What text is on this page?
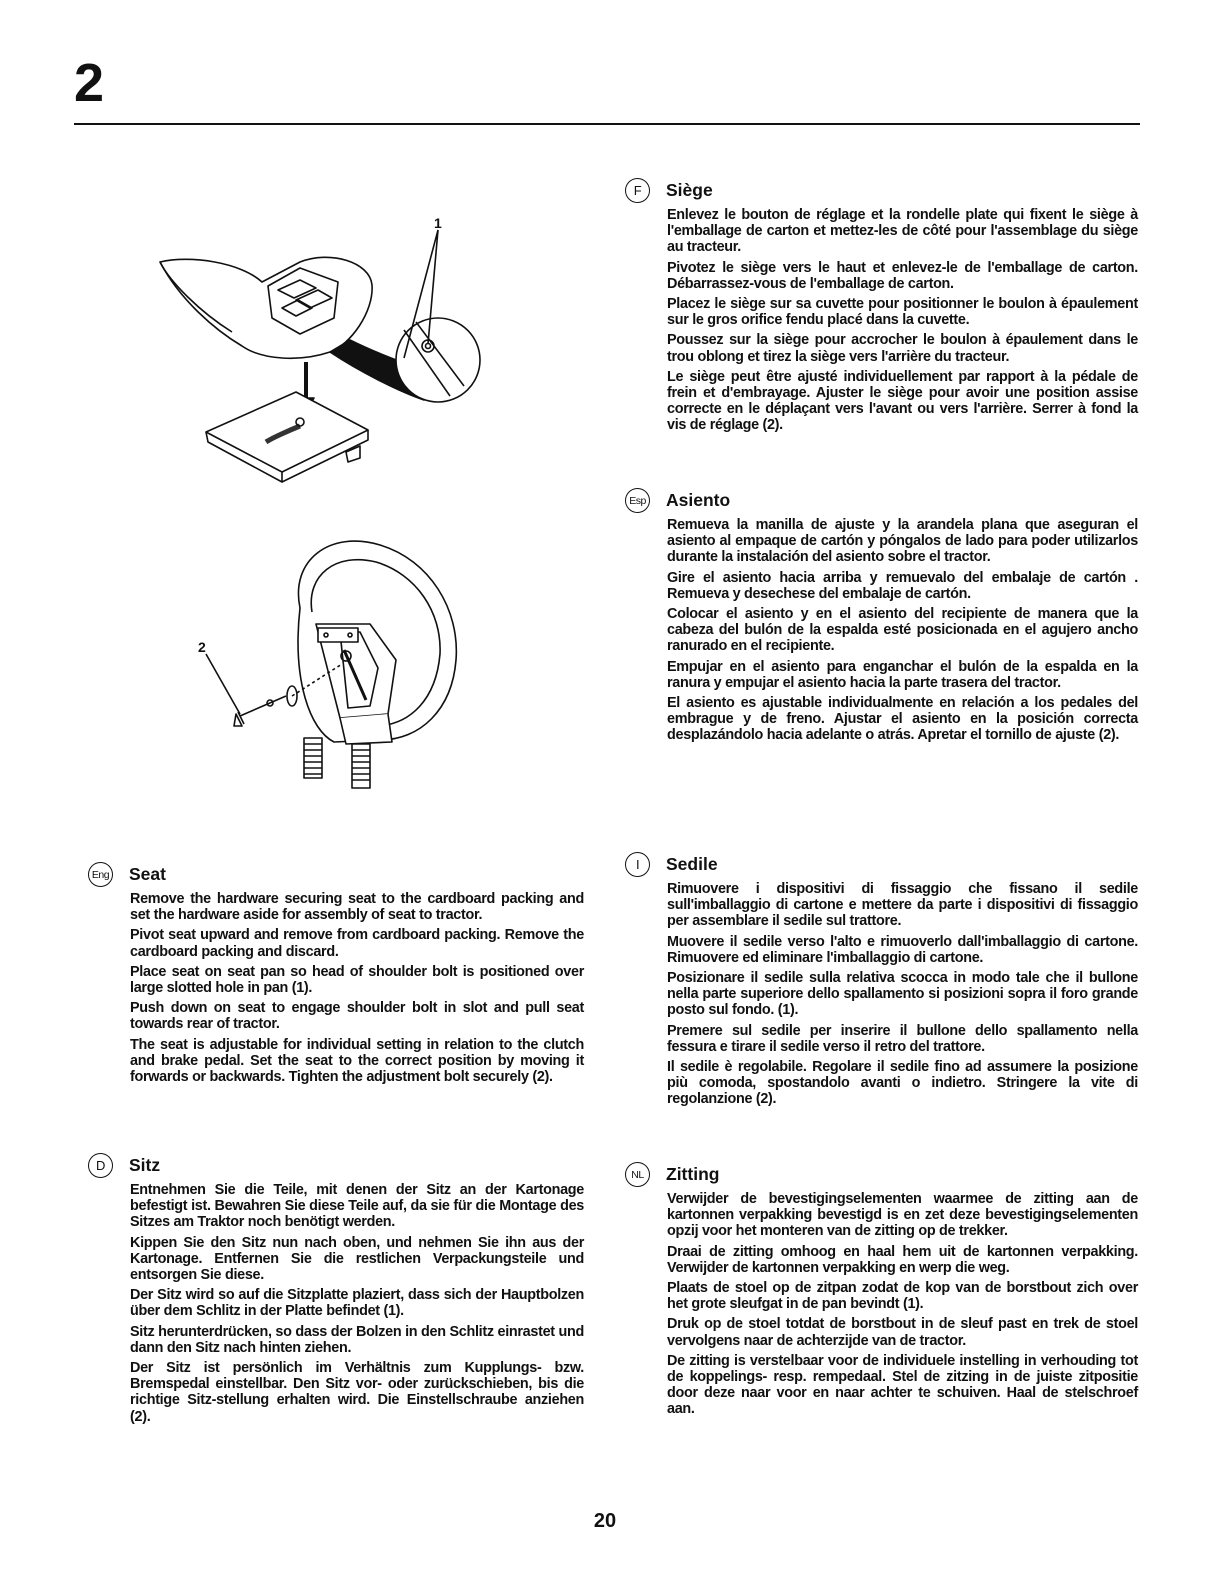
2
1
2
Eng Seat

Remove the hardware securing seat to the cardboard packing and set the hardware aside for assembly of seat to tractor.

Pivot seat upward and remove from cardboard packing. Remove the cardboard packing and discard.

Place seat on seat pan so head of shoulder bolt is positioned over large slotted hole in pan (1).

Push down on seat to engage shoulder bolt in slot and pull seat towards rear of tractor.

The seat is adjustable for individual setting in relation to the clutch and brake pedal. Set the seat to the correct position by moving it forwards or backwards. Tighten the adjustment bolt securely (2).

D	Sitz

Entnehmen Sie die Teile, mit denen der Sitz an der Kartonage befestigt ist. Bewahren Sie diese Teile auf, da sie für die Montage des Sitzes am Traktor noch benötigt werden.

Kippen Sie den Sitz nun nach oben, und nehmen Sie ihn aus der Kartonage. Entfernen Sie die restlichen Verpackungsteile und entsorgen Sie diese.

Der Sitz wird so auf die Sitzplatte plaziert, dass sich der Hauptbolzen über dem Schlitz in der Platte befindet (1).

Sitz herunterdrücken, so dass der Bolzen in den Schlitz einrastet und dann den Sitz nach hinten ziehen.

Der Sitz ist persönlich im Verhältnis zum Kupplungs- bzw. Bremspedal einstellbar. Den Sitz vor- oder zurückschieben, bis die richtige Sitz-stellung erhalten wird. Die Einstellschraube anziehen (2).

F	Siège

Enlevez le bouton de réglage et la rondelle plate qui fixent le siège à l'emballage de carton et mettez-les de côté pour l'assemblage du siège au tracteur.

Pivotez le siège vers le haut et enlevez-le de l'emballage de carton. Débarrassez-vous de l'emballage de carton.

Placez le siège sur sa cuvette pour positionner le boulon à épaulement sur le gros orifice fendu placé dans la cuvette.

Poussez sur la siège pour accrocher le boulon à épaulement dans le trou oblong et tirez la siège vers l'arrière du tracteur.

Le siège peut être ajusté individuellement par rapport à la pédale de frein et d'embrayage. Ajuster le siège pour avoir une position assise correcte en le déplaçant vers l'avant ou vers l'arrière. Serrer à fond la vis de réglage (2).

Esp Asiento

Remueva la manilla de ajuste y la arandela plana que aseguran el asiento al empaque de cartón y póngalos de lado para poder utilizarlos durante la instalación del asiento sobre el tractor.

Gire el asiento hacia arriba y remuevalo del embalaje de cartón . Remueva y desechese del embalaje de cartón.

Colocar el asiento y en el asiento del recipiente de manera que la cabeza del bulón de la espalda esté posicionada en el agujero ancho ranurado en el recipiente.

Empujar en el asiento para enganchar el bulón de la espalda en la ranura y empujar el asiento hacia la parte trasera del tractor.

El asiento es ajustable individualmente en relación a los pedales del embrague y de freno. Ajustar el asiento en la posición correcta desplazándolo hacia adelante o atrás. Apretar el tornillo de ajuste (2).

I	Sedile

Rimuovere i dispositivi di fissaggio che fissano il sedile sull'imballaggio di cartone e mettere da parte i dispositivi di fissaggio per assemblare il sedile sul trattore.

Muovere il sedile verso l'alto e rimuoverlo dall'imballaggio di cartone. Rimuovere ed eliminare l'imballaggio di cartone.

Posizionare il sedile sulla relativa scocca in modo tale che il bullone nella parte superiore dello spallamento si posizioni sopra il foro grande posto sul fondo. (1).

Premere sul sedile per inserire il bullone dello spallamento nella fessura e tirare il sedile verso il retro del trattore.

Il sedile è regolabile. Regolare il sedile fino ad assumere la posizione più comoda, spostandolo avanti o indietro. Stringere la vite di regolanzione (2).

NL	Zitting

Verwijder de bevestigingselementen waarmee de zitting aan de kartonnen verpakking bevestigd is en zet deze bevestigingselementen opzij voor het monteren van de zitting op de trekker.

Draai de zitting omhoog en haal hem uit de kartonnen verpakking. Verwijder de kartonnen verpakking en werp die weg.

Plaats de stoel op de zitpan zodat de kop van de borstbout zich over het grote sleufgat in de pan bevindt (1).

Druk op de stoel totdat de borstbout in de sleuf past en trek de stoel vervolgens naar de achterzijde van de tractor.

De zitting is verstelbaar voor de individuele instelling in verhouding tot de koppelings- resp. rempedaal. Stel de zitzing in de juiste zitpositie door deze naar voor en naar achter te schuiven. Haal de stelschroef aan.

20
